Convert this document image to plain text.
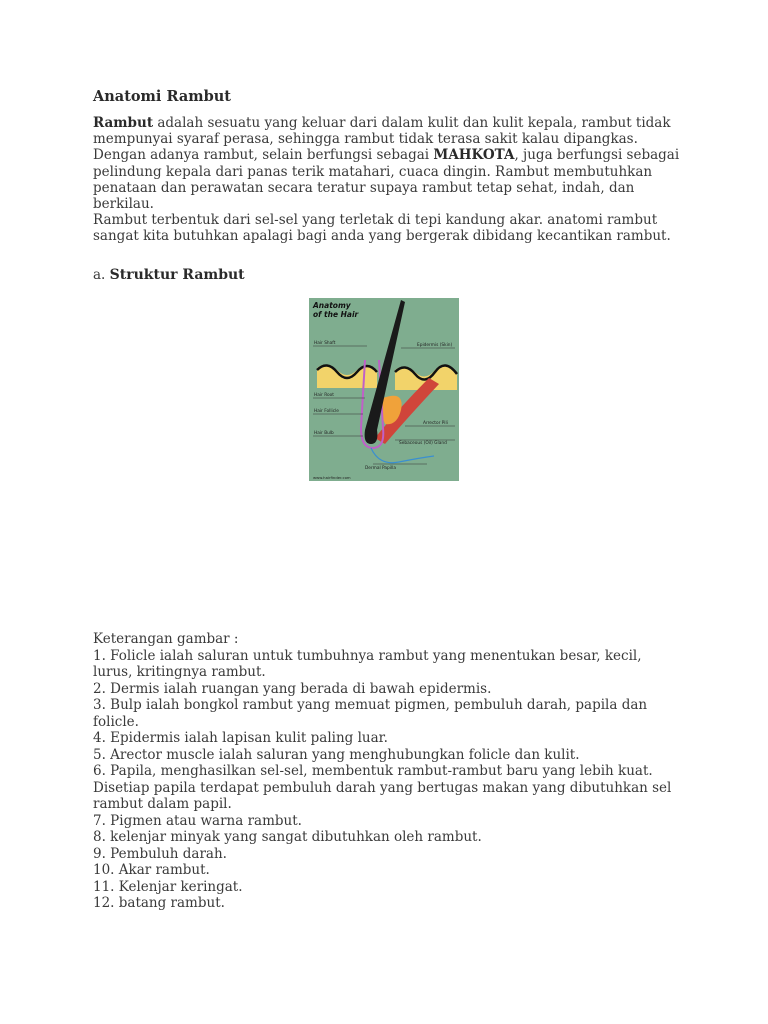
Anatomi Rambut

Rambut adalah sesuatu yang keluar dari dalam kulit dan kulit kepala, rambut tidak mempunyai syaraf perasa, sehingga rambut tidak terasa sakit kalau dipangkas. Dengan adanya rambut, selain berfungsi sebagai MAHKOTA, juga berfungsi sebagai pelindung kepala dari panas terik matahari, cuaca dingin. Rambut membutuhkan penataan dan perawatan secara teratur supaya rambut tetap sehat, indah, dan berkilau.

Rambut terbentuk dari sel-sel yang terletak di tepi kandung akar. anatomi rambut sangat kita butuhkan apalagi bagi anda yang bergerak dibidang kecantikan rambut.

a. Struktur Rambut
Anatomy
of the Hair
Hair Shaft	Epidermis (Skin)
Hair Root
Hair Follicle
Arrector Pili
Hair Bulb
Sebaceous (Oil) Gland
Dermal Papilla
www.hairfinder.com
Keterangan gambar :
1. Folicle ialah saluran untuk tumbuhnya rambut yang menentukan besar, kecil, lurus, kritingnya rambut.
2. Dermis ialah ruangan yang berada di bawah epidermis.
3. Bulp ialah bongkol rambut yang memuat pigmen, pembuluh darah, papila dan folicle.
4. Epidermis ialah lapisan kulit paling luar.
5. Arector muscle ialah saluran yang menghubungkan folicle dan kulit.
6. Papila, menghasilkan sel-sel, membentuk rambut-rambut baru yang lebih kuat. Disetiap papila terdapat pembuluh darah yang bertugas makan yang dibutuhkan sel rambut dalam papil.
7. Pigmen atau warna rambut.
8. kelenjar minyak yang sangat dibutuhkan oleh rambut.
9. Pembuluh darah.
10. Akar rambut.
11. Kelenjar keringat.
12. batang rambut.
